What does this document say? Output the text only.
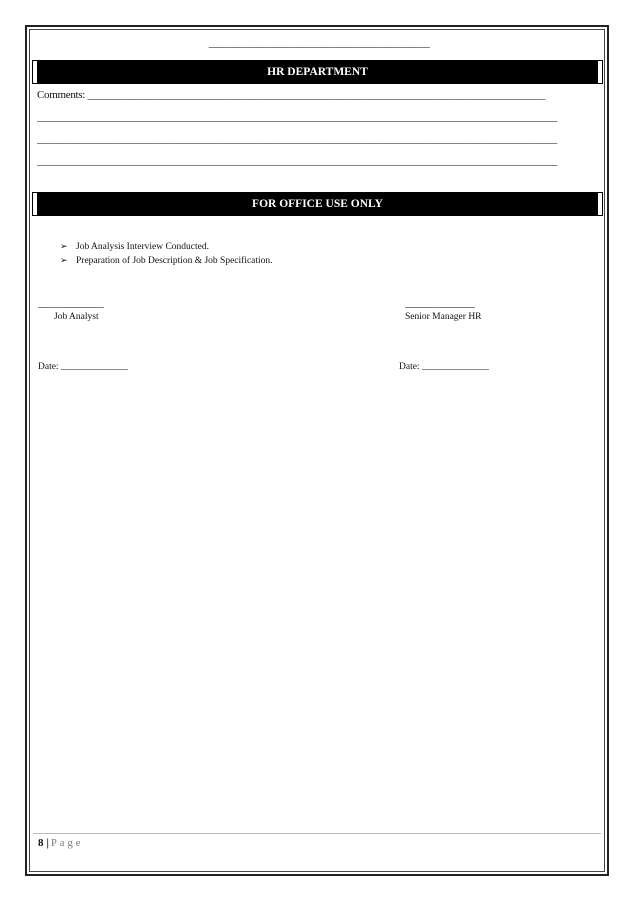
_____________________________________________
HR DEPARTMENT
Comments: ________________________________________________________________________________________
____________________________________________________________________________________________________
____________________________________________________________________________________________________
____________________________________________________________________________________________________
FOR OFFICE USE ONLY
➢ Job Analysis Interview Conducted.
➢ Preparation of Job Description & Job Specification.
_______________
Job Analyst
________________
Senior Manager HR
Date: ________________	Date: ________________
8 | Page
